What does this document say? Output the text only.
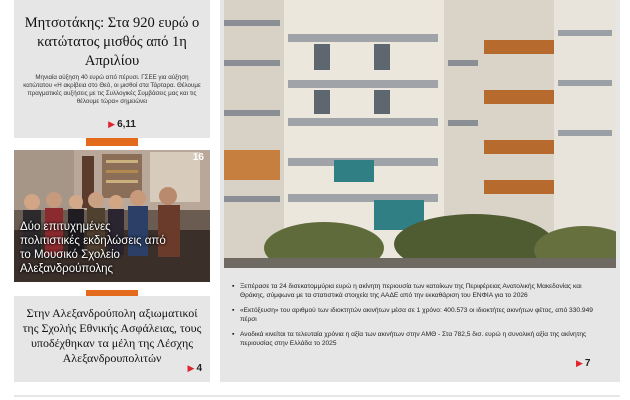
Μητσοτάκης: Στα 920 ευρώ ο κατώτατος μισθός από 1η Απριλίου
Μηνιαία αύξηση 40 ευρώ από πέρυσι. ΓΣΕΕ για αύξηση κατώτατου «Η ακρίβεια στο Θεό, οι μισθοί στα Τάρταρα. Θέλουμε πραγματικές αυξήσεις με τις Συλλογικές Συμβάσεις μας και τις θέλουμε τώρα» σημειώνει
▶ 6,11
16
Δύο επιτυχημένες πολιτιστικές εκδηλώσεις από το Μουσικό Σχολείο Αλεξανδρούπολης
Στην Αλεξανδρούπολη αξιωματικοί της Σχολής Εθνικής Ασφάλειας, τους υποδέχθηκαν τα μέλη της Λέσχης Αλεξανδρουπολιτών
▶ 4
▪ Ξεπέρασε τα 24 δισεκατομμύρια ευρώ η ακίνητη περιουσία των κατοίκων της Περιφέρειας Ανατολικής Μακεδονίας και Θράκης, σύμφωνα με τα στατιστικά στοιχεία της ΑΑΔΕ από την εκκαθάριση του ΕΝΦΙΑ για το 2026
▪ «Εκτόξευση» του αριθμού των ιδιοκτητών ακινήτων μέσα σε 1 χρόνο: 400.573 οι ιδιοκτήτες ακινήτων φέτος, από 330.949 πέρσι
▪ Ανοδικά κινείται τα τελευταία χρόνια η αξία των ακινήτων στην ΑΜΘ - Στα 782,5 δισ. ευρώ η συνολική αξία της ακίνητης περιουσίας στην Ελλάδα το 2025
▶ 7
